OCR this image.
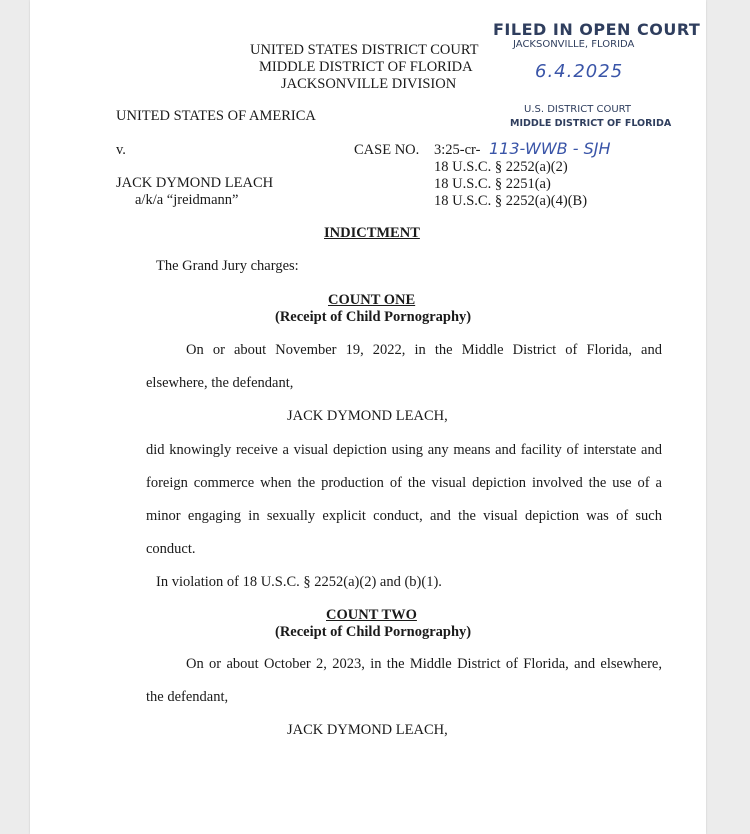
FILED IN OPEN COURT
JACKSONVILLE, FLORIDA
6.4.2025
U.S. DISTRICT COURT
MIDDLE DISTRICT OF FLORIDA
UNITED STATES DISTRICT COURT
MIDDLE DISTRICT OF FLORIDA
JACKSONVILLE DIVISION
UNITED STATES OF AMERICA
v.
JACK DYMOND LEACH
a/k/a “jreidmann”
CASE NO. 3:25-cr- 113-WWB - SJH
18 U.S.C. § 2252(a)(2)
18 U.S.C. § 2251(a)
18 U.S.C. § 2252(a)(4)(B)
INDICTMENT
The Grand Jury charges:
COUNT ONE
(Receipt of Child Pornography)
On or about November 19, 2022, in the Middle District of Florida, and
elsewhere, the defendant,
JACK DYMOND LEACH,
did knowingly receive a visual depiction using any means and facility of interstate and
foreign commerce when the production of the visual depiction involved the use of a
minor engaging in sexually explicit conduct, and the visual depiction was of such
conduct.
In violation of 18 U.S.C. § 2252(a)(2) and (b)(1).
COUNT TWO
(Receipt of Child Pornography)
On or about October 2, 2023, in the Middle District of Florida, and elsewhere,
the defendant,
JACK DYMOND LEACH,
